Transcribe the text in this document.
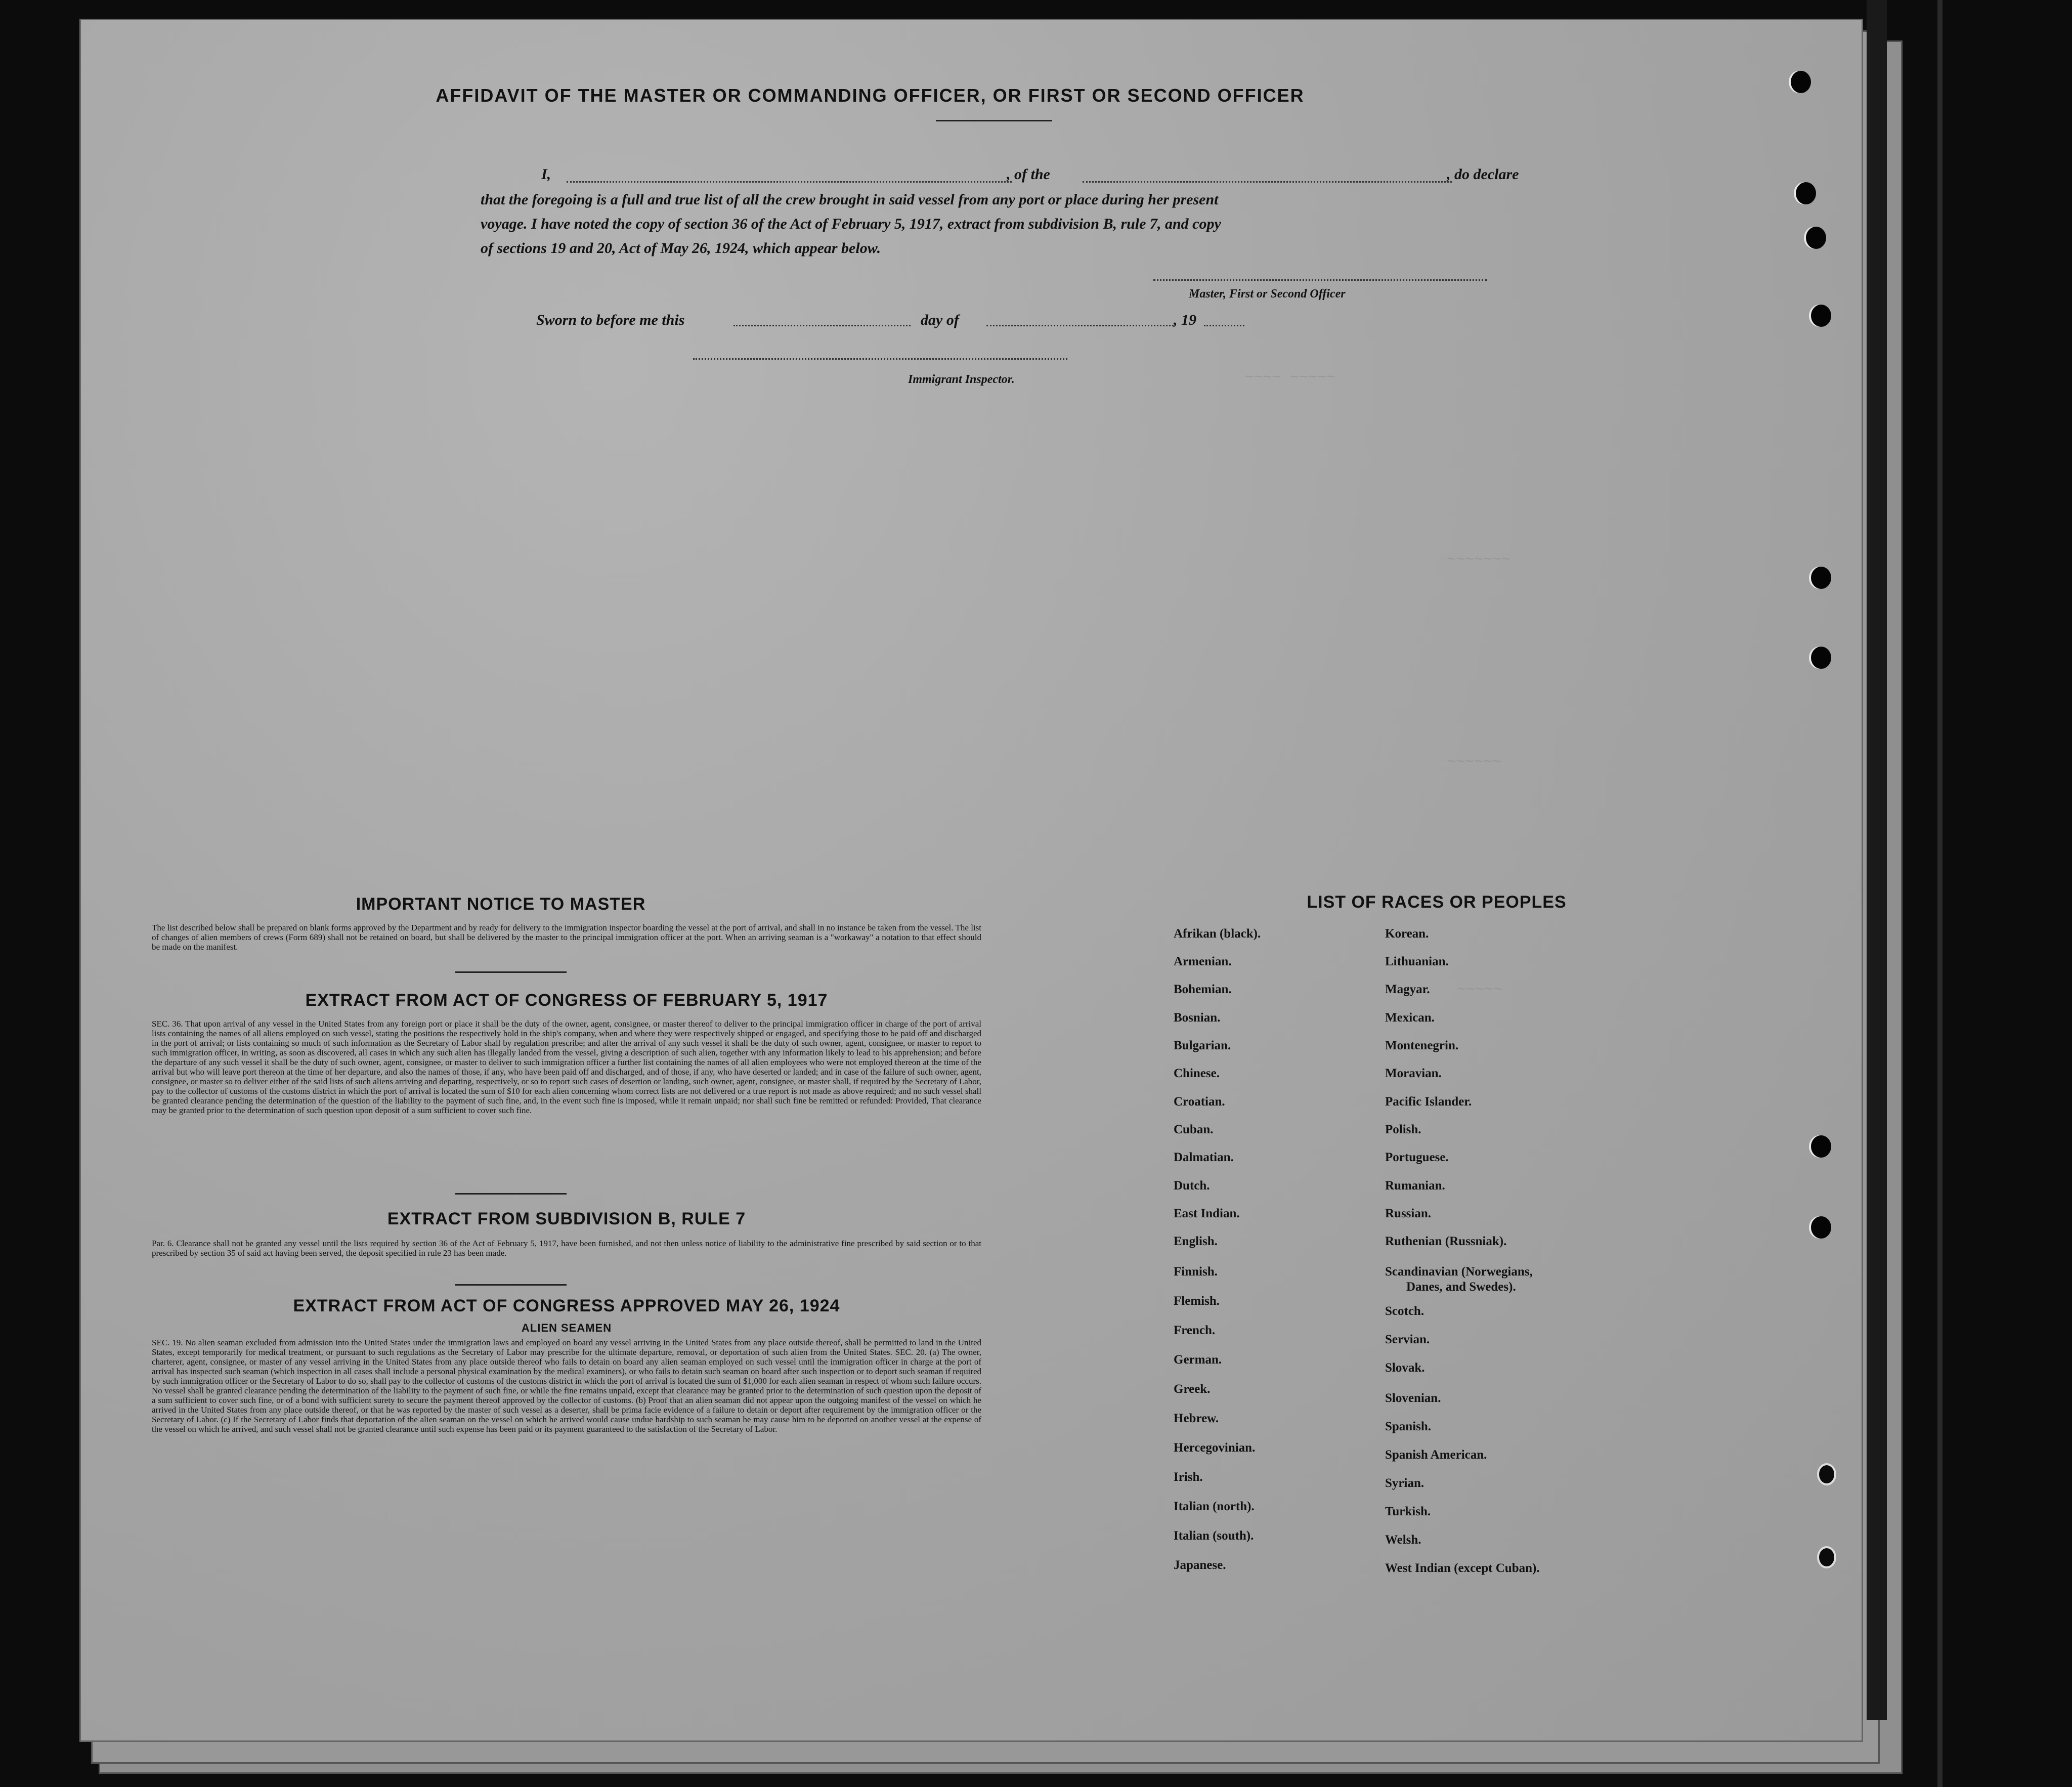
~~~~ ~~~~~
~~~~~~~
~~~~~~
~~~~~
AFFIDAVIT OF THE MASTER OR COMMANDING OFFICER, OR FIRST OR SECOND OFFICER
I,	, of the	, do declare
that the foregoing is a full and true list of all the crew brought in said vessel from any port or place during her present
voyage. I have noted the copy of section 36 of the Act of February 5, 1917, extract from subdivision B, rule 7, and copy
of sections 19 and 20, Act of May 26, 1924, which appear below.
Master, First or Second Officer
Sworn to before me this	day of	, 19
Immigrant Inspector.
IMPORTANT NOTICE TO MASTER
The list described below shall be prepared on blank forms approved by the Department and by ready for delivery to the immigration inspector boarding the vessel at the port of arrival, and shall in no instance be taken from the vessel. The list of changes of alien members of crews (Form 689) shall not be retained on board, but shall be delivered by the master to the principal immigration officer at the port. When an arriving seaman is a "workaway" a notation to that effect should be made on the manifest.
EXTRACT FROM ACT OF CONGRESS OF FEBRUARY 5, 1917
SEC. 36. That upon arrival of any vessel in the United States from any foreign port or place it shall be the duty of the owner, agent, consignee, or master thereof to deliver to the principal immigration officer in charge of the port of arrival lists containing the names of all aliens employed on such vessel, stating the positions the respectively hold in the ship's company, when and where they were respectively shipped or engaged, and specifying those to be paid off and discharged in the port of arrival; or lists containing so much of such information as the Secretary of Labor shall by regulation prescribe; and after the arrival of any such vessel it shall be the duty of such owner, agent, consignee, or master to report to such immigration officer, in writing, as soon as discovered, all cases in which any such alien has illegally landed from the vessel, giving a description of such alien, together with any information likely to lead to his apprehension; and before the departure of any such vessel it shall be the duty of such owner, agent, consignee, or master to deliver to such immigration officer a further list containing the names of all alien employees who were not employed thereon at the time of the arrival but who will leave port thereon at the time of her departure, and also the names of those, if any, who have been paid off and discharged, and of those, if any, who have deserted or landed; and in case of the failure of such owner, agent, consignee, or master so to deliver either of the said lists of such aliens arriving and departing, respectively, or so to report such cases of desertion or landing, such owner, agent, consignee, or master shall, if required by the Secretary of Labor, pay to the collector of customs of the customs district in which the port of arrival is located the sum of $10 for each alien concerning whom correct lists are not delivered or a true report is not made as above required; and no such vessel shall be granted clearance pending the determination of the question of the liability to the payment of such fine, and, in the event such fine is imposed, while it remain unpaid; nor shall such fine be remitted or refunded: Provided, That clearance may be granted prior to the determination of such question upon deposit of a sum sufficient to cover such fine.
EXTRACT FROM SUBDIVISION B, RULE 7
Par. 6. Clearance shall not be granted any vessel until the lists required by section 36 of the Act of February 5, 1917, have been furnished, and not then unless notice of liability to the administrative fine prescribed by said section or to that prescribed by section 35 of said act having been served, the deposit specified in rule 23 has been made.
EXTRACT FROM ACT OF CONGRESS APPROVED MAY 26, 1924
ALIEN SEAMEN
SEC. 19. No alien seaman excluded from admission into the United States under the immigration laws and employed on board any vessel arriving in the United States from any place outside thereof, shall be permitted to land in the United States, except temporarily for medical treatment, or pursuant to such regulations as the Secretary of Labor may prescribe for the ultimate departure, removal, or deportation of such alien from the United States. SEC. 20. (a) The owner, charterer, agent, consignee, or master of any vessel arriving in the United States from any place outside thereof who fails to detain on board any alien seaman employed on such vessel until the immigration officer in charge at the port of arrival has inspected such seaman (which inspection in all cases shall include a personal physical examination by the medical examiners), or who fails to detain such seaman on board after such inspection or to deport such seaman if required by such immigration officer or the Secretary of Labor to do so, shall pay to the collector of customs of the customs district in which the port of arrival is located the sum of $1,000 for each alien seaman in respect of whom such failure occurs. No vessel shall be granted clearance pending the determination of the liability to the payment of such fine, or while the fine remains unpaid, except that clearance may be granted prior to the determination of such question upon the deposit of a sum sufficient to cover such fine, or of a bond with sufficient surety to secure the payment thereof approved by the collector of customs. (b) Proof that an alien seaman did not appear upon the outgoing manifest of the vessel on which he arrived in the United States from any place outside thereof, or that he was reported by the master of such vessel as a deserter, shall be prima facie evidence of a failure to detain or deport after requirement by the immigration officer or the Secretary of Labor. (c) If the Secretary of Labor finds that deportation of the alien seaman on the vessel on which he arrived would cause undue hardship to such seaman he may cause him to be deported on another vessel at the expense of the vessel on which he arrived, and such vessel shall not be granted clearance until such expense has been paid or its payment guaranteed to the satisfaction of the Secretary of Labor.
LIST OF RACES OR PEOPLES
Afrikan (black).
Armenian.
Bohemian.
Bosnian.
Bulgarian.
Chinese.
Croatian.
Cuban.
Dalmatian.
Dutch.
East Indian.
English.
Finnish.
Flemish.
French.
German.
Greek.
Hebrew.
Hercegovinian.
Irish.
Italian (north).
Italian (south).
Japanese.
Korean.
Lithuanian.
Magyar.
Mexican.
Montenegrin.
Moravian.
Pacific Islander.
Polish.
Portuguese.
Rumanian.
Russian.
Ruthenian (Russniak).
Scandinavian (Norwegians,
Danes, and Swedes).
Scotch.
Servian.
Slovak.
Slovenian.
Spanish.
Spanish American.
Syrian.
Turkish.
Welsh.
West Indian (except Cuban).
